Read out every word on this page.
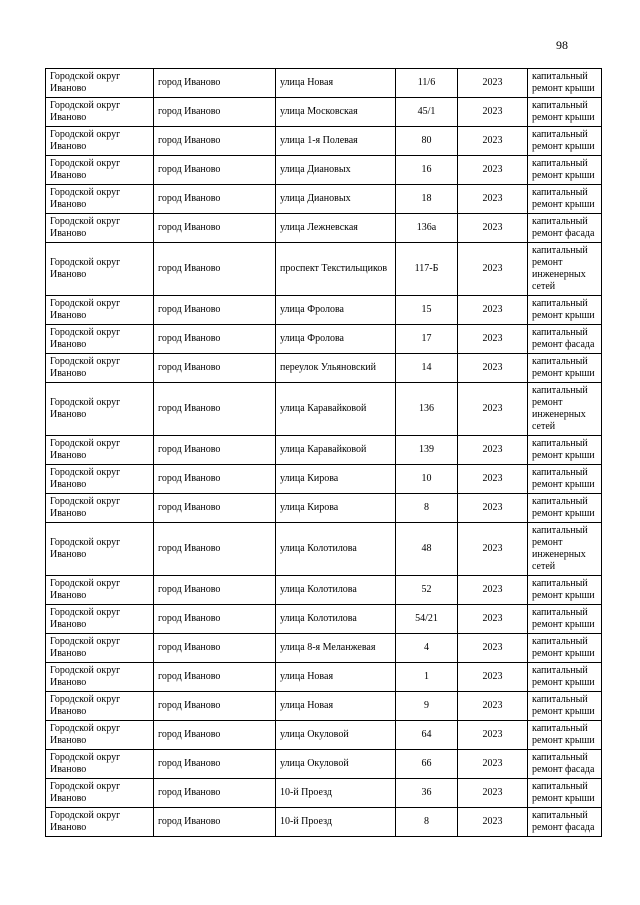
98
Городской округ Иваново	город Иваново	улица Новая	11/6	2023	капитальный ремонт крыши
Городской округ Иваново	город Иваново	улица Московская	45/1	2023	капитальный ремонт крыши
Городской округ Иваново	город Иваново	улица 1-я Полевая	80	2023	капитальный ремонт крыши
Городской округ Иваново	город Иваново	улица Диановых	16	2023	капитальный ремонт крыши
Городской округ Иваново	город Иваново	улица Диановых	18	2023	капитальный ремонт крыши
Городской округ Иваново	город Иваново	улица Лежневская	136а	2023	капитальный ремонт фасада
Городской округ Иваново	город Иваново	проспект Текстильщиков	117-Б	2023	капитальный ремонт инженерных сетей
Городской округ Иваново	город Иваново	улица Фролова	15	2023	капитальный ремонт крыши
Городской округ Иваново	город Иваново	улица Фролова	17	2023	капитальный ремонт фасада
Городской округ Иваново	город Иваново	переулок Ульяновский	14	2023	капитальный ремонт крыши
Городской округ Иваново	город Иваново	улица Каравайковой	136	2023	капитальный ремонт инженерных сетей
Городской округ Иваново	город Иваново	улица Каравайковой	139	2023	капитальный ремонт крыши
Городской округ Иваново	город Иваново	улица Кирова	10	2023	капитальный ремонт крыши
Городской округ Иваново	город Иваново	улица Кирова	8	2023	капитальный ремонт крыши
Городской округ Иваново	город Иваново	улица Колотилова	48	2023	капитальный ремонт инженерных сетей
Городской округ Иваново	город Иваново	улица Колотилова	52	2023	капитальный ремонт крыши
Городской округ Иваново	город Иваново	улица Колотилова	54/21	2023	капитальный ремонт крыши
Городской округ Иваново	город Иваново	улица 8-я Меланжевая	4	2023	капитальный ремонт крыши
Городской округ Иваново	город Иваново	улица Новая	1	2023	капитальный ремонт крыши
Городской округ Иваново	город Иваново	улица Новая	9	2023	капитальный ремонт крыши
Городской округ Иваново	город Иваново	улица Окуловой	64	2023	капитальный ремонт крыши
Городской округ Иваново	город Иваново	улица Окуловой	66	2023	капитальный ремонт фасада
Городской округ Иваново	город Иваново	10-й Проезд	36	2023	капитальный ремонт крыши
Городской округ Иваново	город Иваново	10-й Проезд	8	2023	капитальный ремонт фасада
